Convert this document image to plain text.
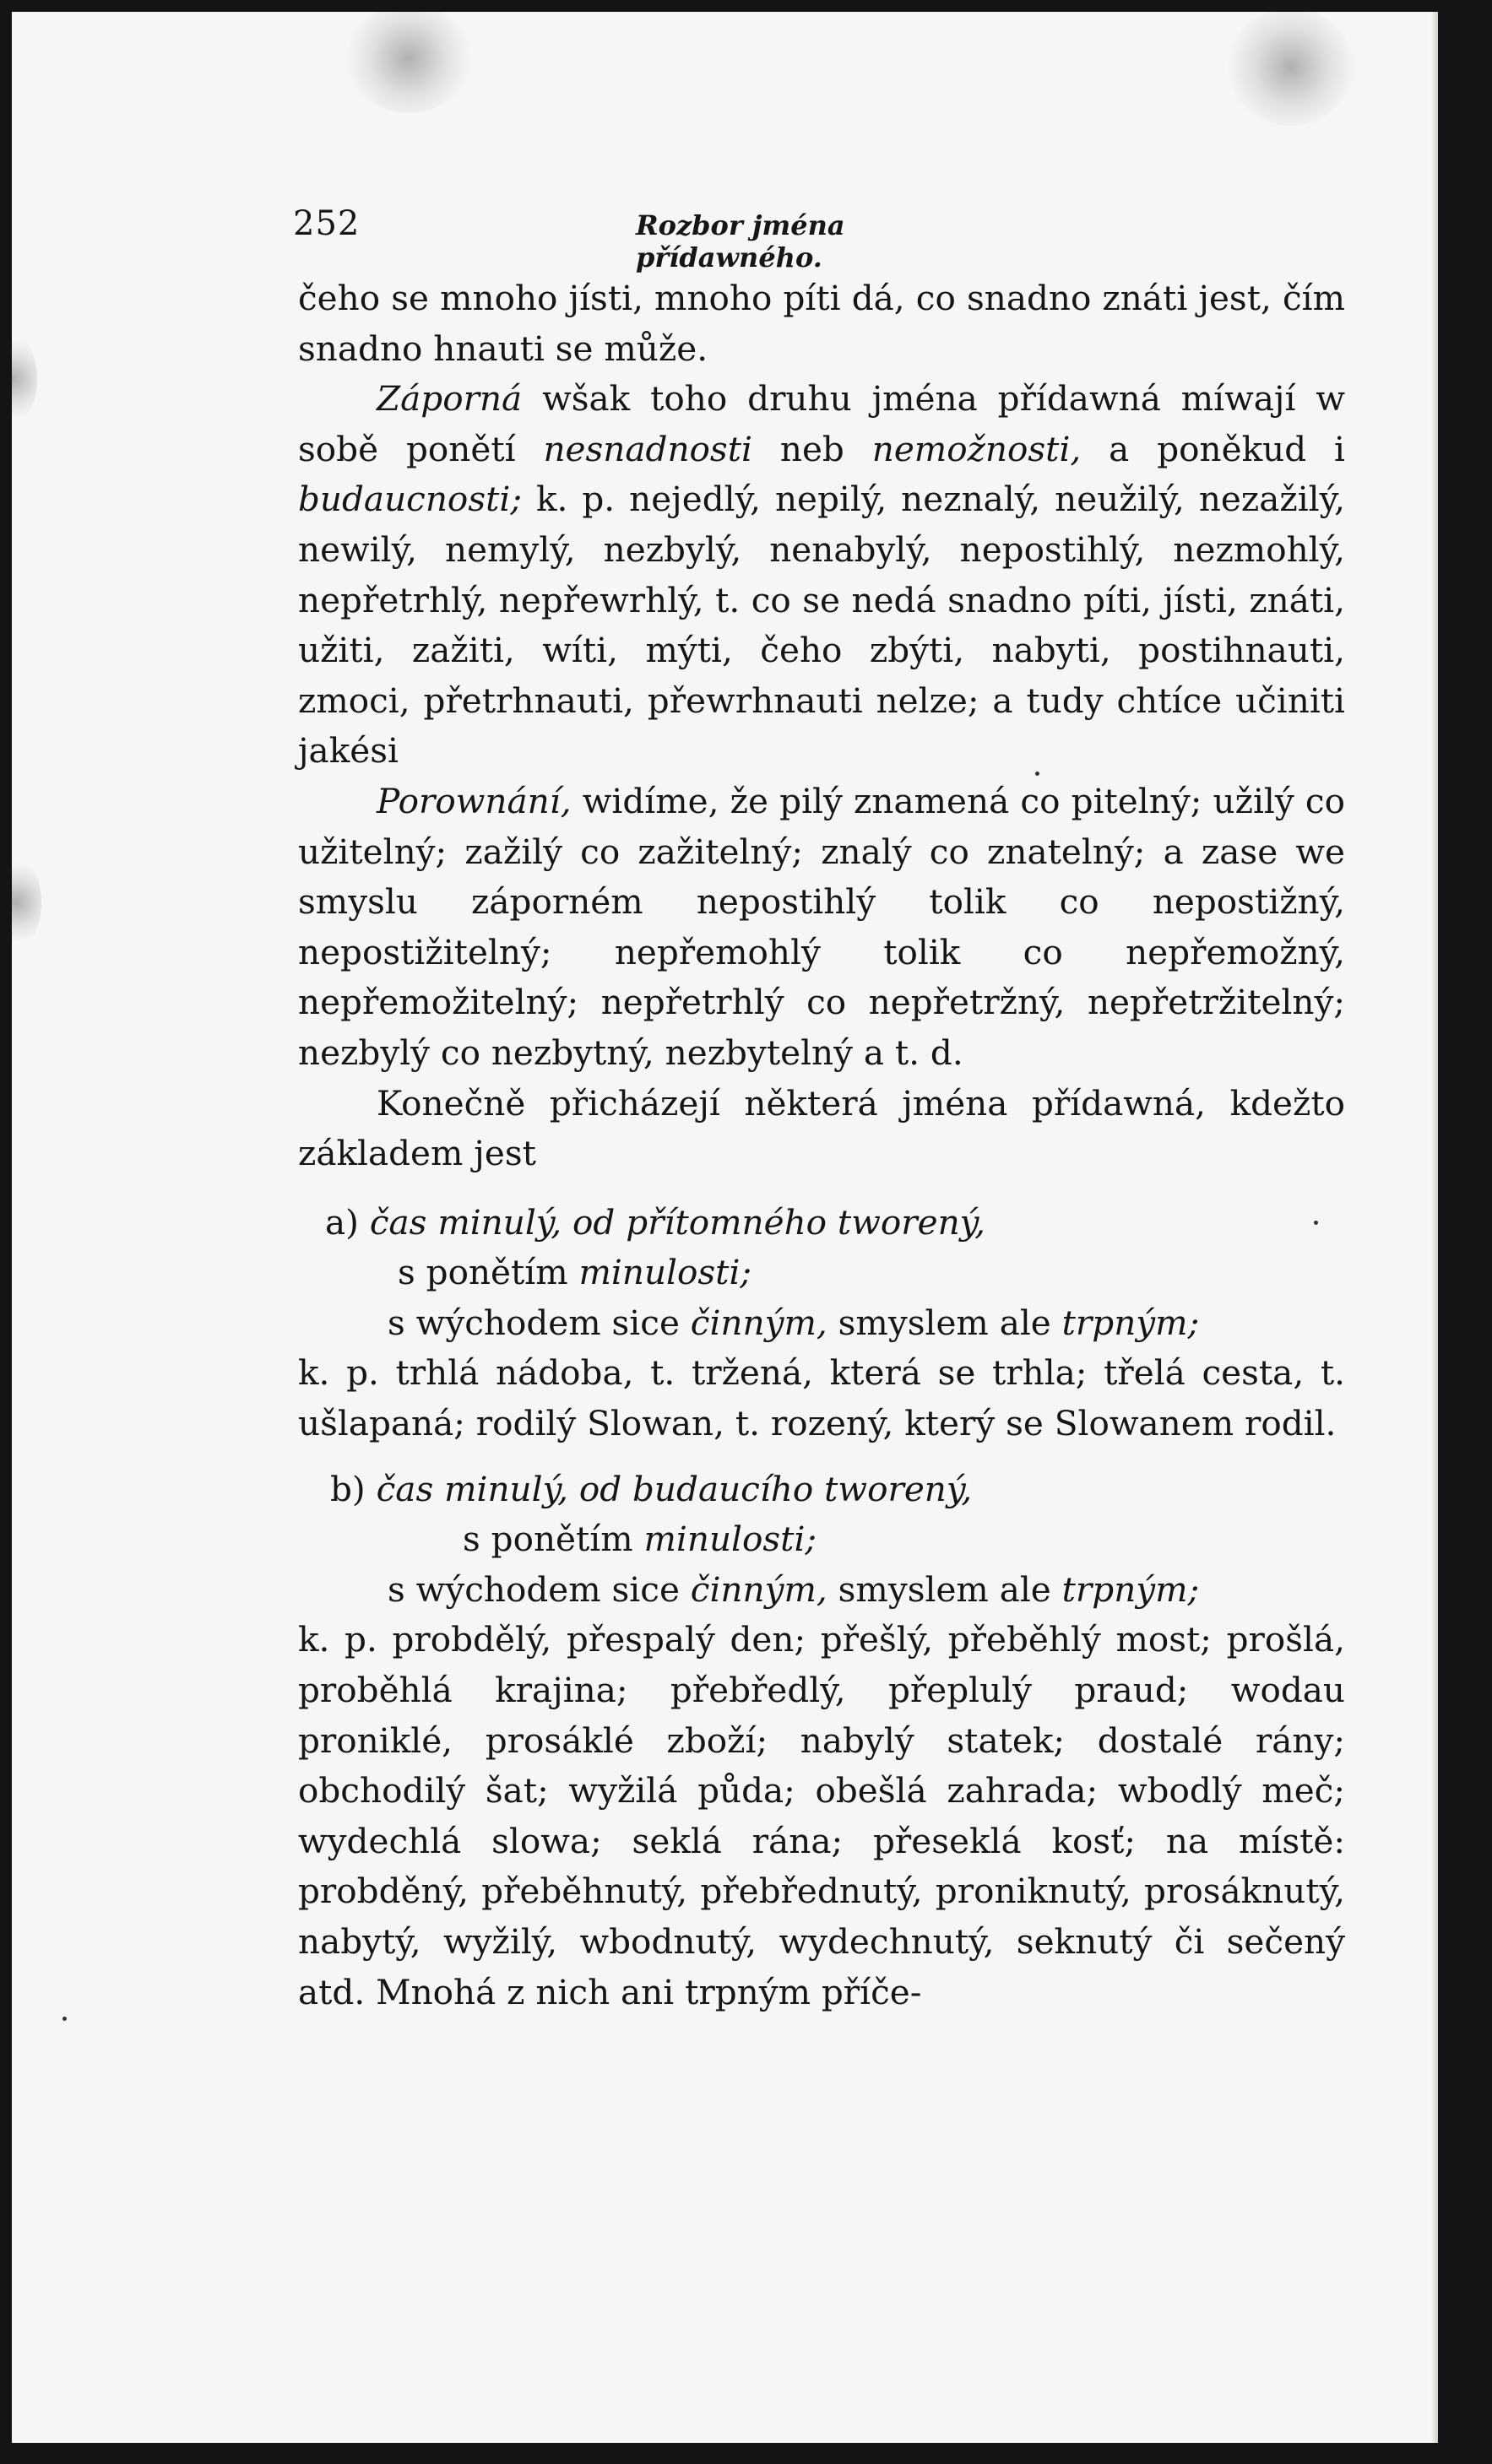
252	Rozbor jména přídawného.

čeho se mnoho jísti, mnoho píti dá, co snadno znáti jest, čím snadno hnauti se může.

Záporná wšak toho druhu jména přídawná míwají w sobě ponětí nesnadnosti neb nemožnosti, a poněkud i budaucnosti; k. p. nejedlý, nepilý, neznalý, neužilý, nezažilý, newilý, nemylý, nezbylý, nenabylý, nepostihlý, nezmohlý, nepřetrhlý, nepřewrhlý, t. co se nedá snadno píti, jísti, znáti, užiti, zažiti, wíti, mýti, čeho zbýti, nabyti, postihnauti, zmoci, přetrhnauti, přewrhnauti nelze; a tudy chtíce učiniti jakési

Porownání, widíme, že pilý znamená co pitelný; užilý co užitelný; zažilý co zažitelný; znalý co znatelný; a zase we smyslu záporném nepostihlý tolik co nepostižný, nepostižitelný; nepřemohlý tolik co nepřemožný, nepřemožitelný; nepřetrhlý co nepřetržný, nepřetržitelný; nezbylý co nezbytný, nezbytelný a t. d.

Konečně přicházejí některá jména přídawná, kdežto základem jest

a) čas minulý, od přítomného tworený,

s ponětím minulosti;

s wýchodem sice činným, smyslem ale trpným;

k. p. trhlá nádoba, t. tržená, která se trhla; třelá cesta, t. ušlapaná; rodilý Slowan, t. rozený, který se Slowanem rodil.

b) čas minulý, od budaucího tworený,

s ponětím minulosti;

s wýchodem sice činným, smyslem ale trpným;

k. p. probdělý, přespalý den; přešlý, přeběhlý most; prošlá, proběhlá krajina; přebředlý, přeplulý praud; wodau proniklé, prosáklé zboží; nabylý statek; dostalé rány; obchodilý šat; wyžilá půda; obešlá zahrada; wbodlý meč; wydechlá slowa; seklá rána; přeseklá kosť; na místě: probděný, přeběhnutý, přebřednutý, proniknutý, prosáknutý, nabytý, wyžilý, wbodnutý, wydechnutý, seknutý či sečený atd. Mnohá z nich ani trpným příče-
